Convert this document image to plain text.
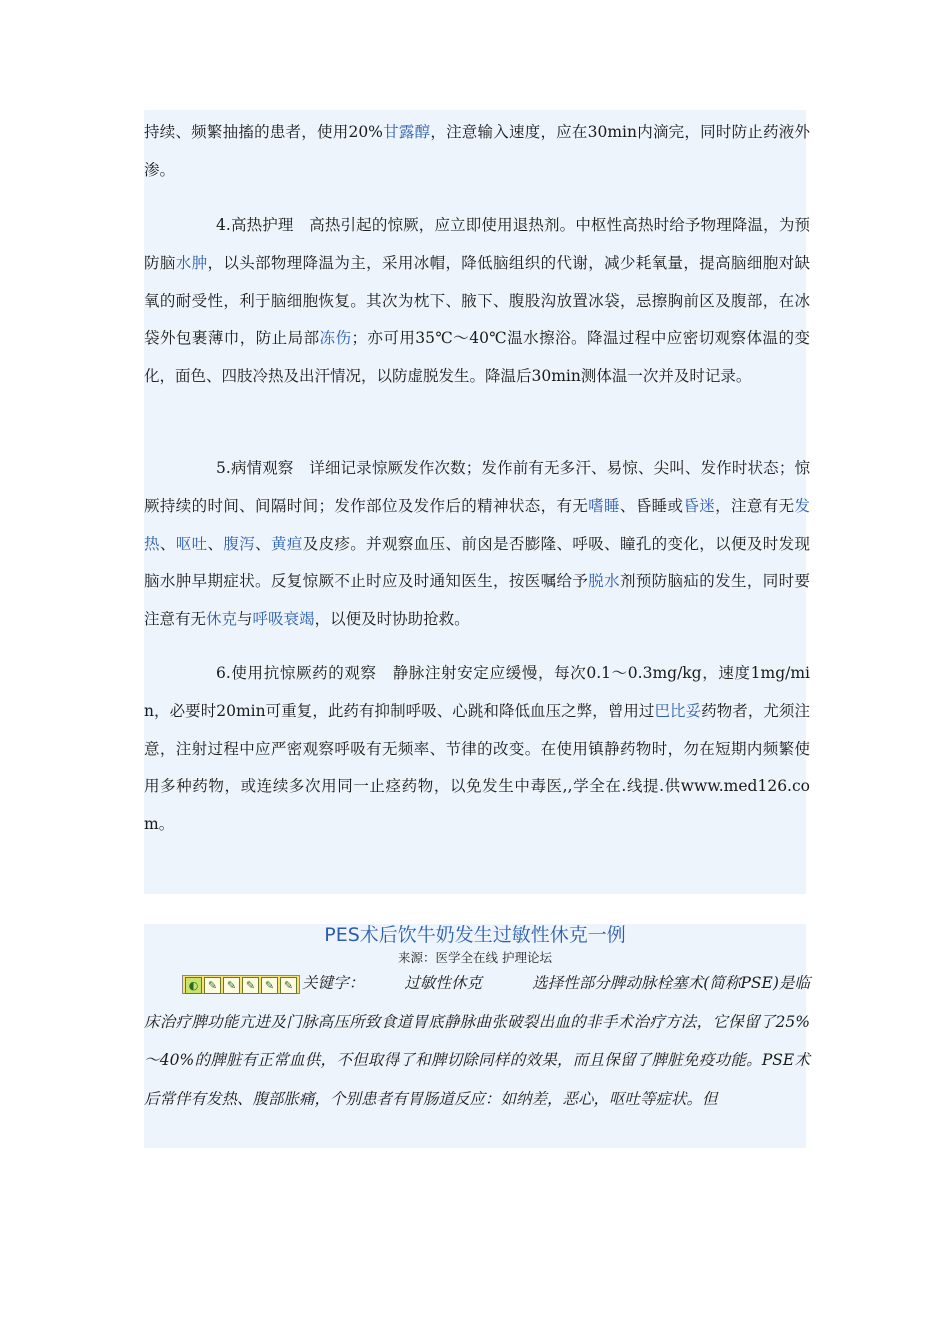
持续、频繁抽搐的患者，使用20%甘露醇，注意输入速度，应在30min内滴完，同时防止药液外渗。

4.高热护理　高热引起的惊厥，应立即使用退热剂。中枢性高热时给予物理降温，为预防脑水肿，以头部物理降温为主，采用冰帽，降低脑组织的代谢，减少耗氧量，提高脑细胞对缺氧的耐受性，利于脑细胞恢复。其次为枕下、腋下、腹股沟放置冰袋，忌擦胸前区及腹部，在冰袋外包裹薄巾，防止局部冻伤；亦可用35℃～40℃温水擦浴。降温过程中应密切观察体温的变化，面色、四肢冷热及出汗情况，以防虚脱发生。降温后30min测体温一次并及时记录。

5.病情观察　详细记录惊厥发作次数；发作前有无多汗、易惊、尖叫、发作时状态；惊厥持续的时间、间隔时间；发作部位及发作后的精神状态，有无嗜睡、昏睡或昏迷，注意有无发热、呕吐、腹泻、黄疸及皮疹。并观察血压、前囟是否膨隆、呼吸、瞳孔的变化，以便及时发现脑水肿早期症状。反复惊厥不止时应及时通知医生，按医嘱给予脱水剂预防脑疝的发生，同时要注意有无休克与呼吸衰竭，以便及时协助抢救。

6.使用抗惊厥药的观察　静脉注射安定应缓慢，每次0.1～0.3mg/kg，速度1mg/min，必要时20min可重复，此药有抑制呼吸、心跳和降低血压之弊，曾用过巴比妥药物者，尤须注意，注射过程中应严密观察呼吸有无频率、节律的改变。在使用镇静药物时，勿在短期内频繁使用多种药物，或连续多次用同一止痉药物，以免发生中毒医,,学全在.线提.供www.med126.com。

PES术后饮牛奶发生过敏性休克一例
来源：医学全在线 护理论坛

◐ ✎ ✎ ✎ ✎ ✎ 关键字：	过敏性休克	选择性部分脾动脉栓塞术(简称PSE)是临床治疗脾功能亢进及门脉高压所致食道胃底静脉曲张破裂出血的非手术治疗方法，它保留了25%～40%的脾脏有正常血供，不但取得了和脾切除同样的效果，而且保留了脾脏免疫功能。PSE术后常伴有发热、腹部胀痛，个别患者有胃肠道反应：如纳差，恶心，呕吐等症状。但
